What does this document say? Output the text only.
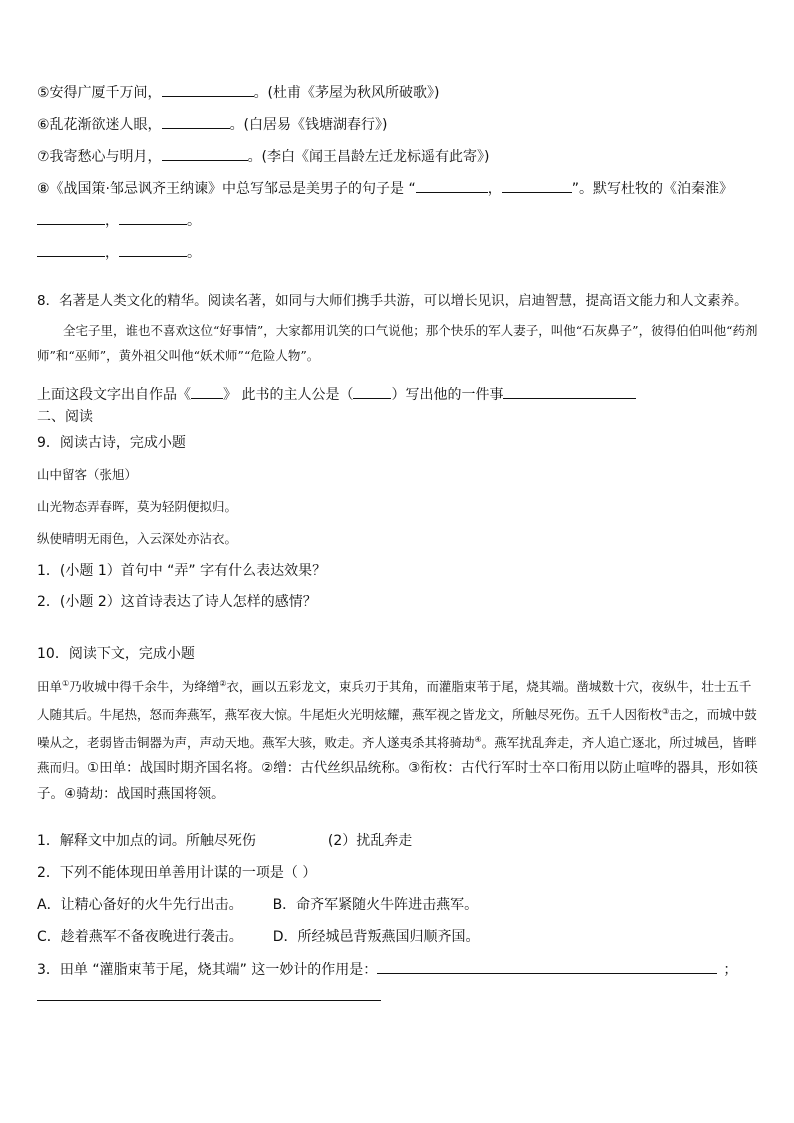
⑤安得广厦千万间，	。(杜甫《茅屋为秋风所破歌》)
⑥乱花渐欲迷人眼，	。(白居易《钱塘湖春行》)
⑦我寄愁心与明月，	。(李白《闻王昌龄左迁龙标遥有此寄》)
⑧《战国策·邹忌讽齐王纳谏》中总写邹忌是美男子的句子是 “	，	”。默写杜牧的《泊秦淮》
，	。
，	。
8．名著是人类文化的精华。阅读名著，如同与大师们携手共游，可以增长见识，启迪智慧，提高语文能力和人文素养。
全宅子里，谁也不喜欢这位“好事情”，大家都用讥笑的口气说他；那个快乐的军人妻子，叫他“石灰鼻子”，彼得伯伯叫他“药剂师”和“巫师”，黄外祖父叫他“妖术师”“危险人物”。
上面这段文字出自作品《 》 此书的主人公是（	）写出他的一件事
二、阅读
9．阅读古诗，完成小题
山中留客（张旭）
山光物态弄春晖，莫为轻阴便拟归。
纵使晴明无雨色，入云深处亦沾衣。
1．(小题 1）首句中 “弄” 字有什么表达效果？
2．(小题 2）这首诗表达了诗人怎样的感情？
10．阅读下文，完成小题
田单①乃收城中得千余牛，为绛缯②衣，画以五彩龙文，束兵刃于其角，而灌脂束苇于尾，烧其端。凿城数十穴，夜纵牛，壮士五千人随其后。牛尾热，怒而奔燕军，燕军夜大惊。牛尾炬火光明炫耀，燕军视之皆龙文，所触尽死伤。五千人因衔枚③击之，而城中鼓噪从之，老弱皆击铜器为声，声动天地。燕军大骇，败走。齐人遂夷杀其将骑劫④。燕军扰乱奔走，齐人追亡逐北，所过城邑，皆畔燕而归。①田单：战国时期齐国名将。②缯：古代丝织品统称。③衔枚：古代行军时士卒口衔用以防止喧哗的器具，形如筷子。④骑劫：战国时燕国将领。
1．解释文中加点的词。所触尽死伤	(2）扰乱奔走
2．下列不能体现田单善用计谋的一项是（ ）
A．让精心备好的火牛先行出击。 B．命齐军紧随火牛阵进击燕军。
C．趁着燕军不备夜晚进行袭击。 D．所经城邑背叛燕国归顺齐国。
3．田单 “灌脂束苇于尾，烧其端” 这一妙计的作用是：	；
